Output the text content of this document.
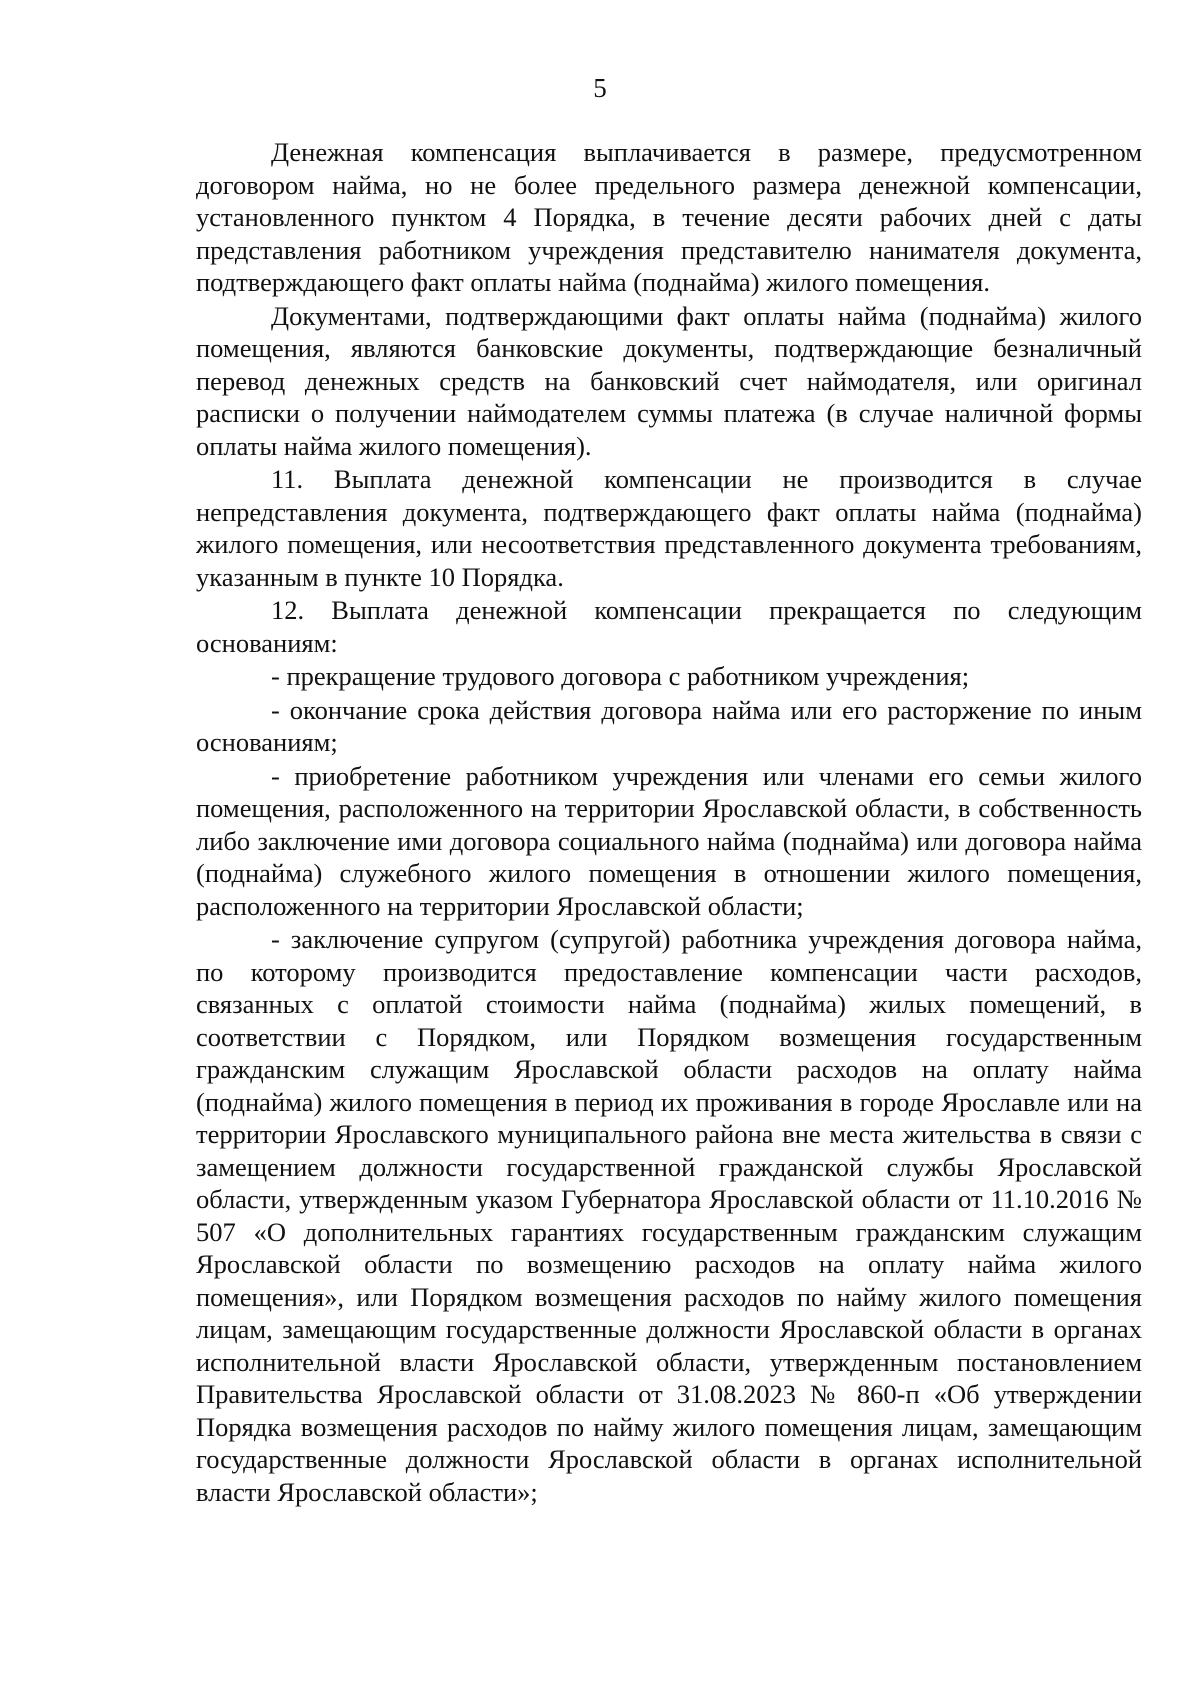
5

Денежная компенсация выплачивается в размере, предусмотренном договором найма, но не более предельного размера денежной компенсации, установленного пунктом 4 Порядка, в течение десяти рабочих дней с даты представления работником учреждения представителю нанимателя документа, подтверждающего факт оплаты найма (поднайма) жилого помещения.

Документами, подтверждающими факт оплаты найма (поднайма) жилого помещения, являются банковские документы, подтверждающие безналичный перевод денежных средств на банковский счет наймодателя, или оригинал расписки о получении наймодателем суммы платежа (в случае наличной формы оплаты найма жилого помещения).

11. Выплата денежной компенсации не производится в случае непредставления документа, подтверждающего факт оплаты найма (поднайма) жилого помещения, или несоответствия представленного документа требованиям, указанным в пункте 10 Порядка.

12. Выплата денежной компенсации прекращается по следующим основаниям:

- прекращение трудового договора с работником учреждения;

- окончание срока действия договора найма или его расторжение по иным основаниям;

- приобретение работником учреждения или членами его семьи жилого помещения, расположенного на территории Ярославской области, в собственность либо заключение ими договора социального найма (поднайма) или договора найма (поднайма) служебного жилого помещения в отношении жилого помещения, расположенного на территории Ярославской области;

- заключение супругом (супругой) работника учреждения договора найма, по которому производится предоставление компенсации части расходов, связанных с оплатой стоимости найма (поднайма) жилых помещений, в соответствии с Порядком, или Порядком возмещения государственным гражданским служащим Ярославской области расходов на оплату найма (поднайма) жилого помещения в период их проживания в городе Ярославле или на территории Ярославского муниципального района вне места жительства в связи с замещением должности государственной гражданской службы Ярославской области, утвержденным указом Губернатора Ярославской области от 11.10.2016 № 507 «О дополнительных гарантиях государственным гражданским служащим Ярославской области по возмещению расходов на оплату найма жилого помещения», или Порядком возмещения расходов по найму жилого помещения лицам, замещающим государственные должности Ярославской области в органах исполнительной власти Ярославской области, утвержденным постановлением Правительства Ярославской области от 31.08.2023 № 860-п «Об утверждении Порядка возмещения расходов по найму жилого помещения лицам, замещающим государственные должности Ярославской области в органах исполнительной власти Ярославской области»;
